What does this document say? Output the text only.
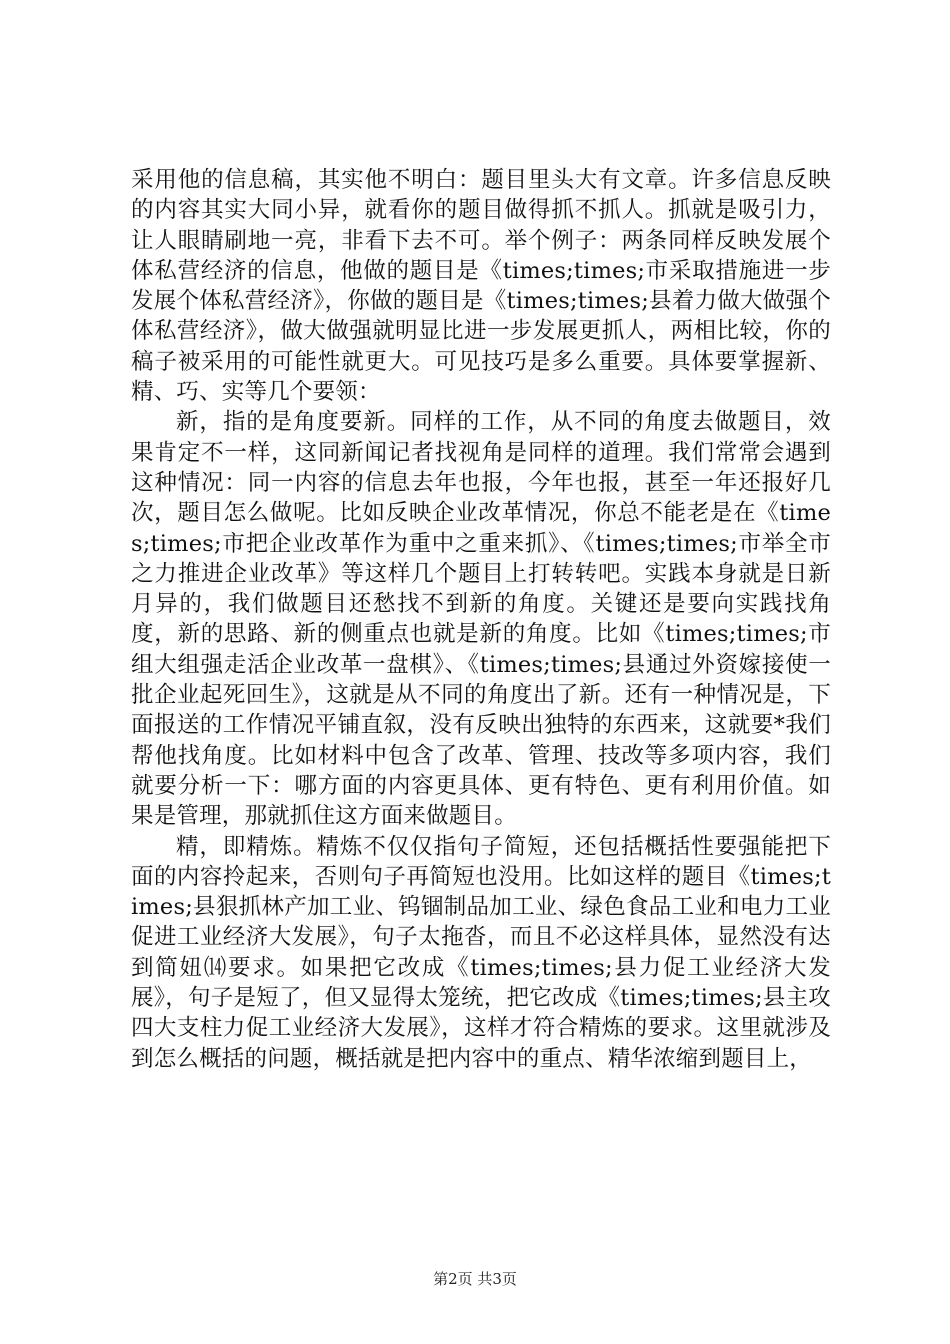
采用他的信息稿，其实他不明白：题目里头大有文章。许多信息反映的内容其实大同小异，就看你的题目做得抓不抓人。抓就是吸引力，让人眼睛刷地一亮，非看下去不可。举个例子：两条同样反映发展个体私营经济的信息，他做的题目是《times;times;市采取措施进一步发展个体私营经济》，你做的题目是《times;times;县着力做大做强个体私营经济》，做大做强就明显比进一步发展更抓人，两相比较，你的稿子被采用的可能性就更大。可见技巧是多么重要。具体要掌握新、精、巧、实等几个要领：

新，指的是角度要新。同样的工作，从不同的角度去做题目，效果肯定不一样，这同新闻记者找视角是同样的道理。我们常常会遇到这种情况：同一内容的信息去年也报，今年也报，甚至一年还报好几次，题目怎么做呢。比如反映企业改革情况，你总不能老是在《times;times;市把企业改革作为重中之重来抓》、《times;times;市举全市之力推进企业改革》等这样几个题目上打转转吧。实践本身就是日新月异的，我们做题目还愁找不到新的角度。关键还是要向实践找角度，新的思路、新的侧重点也就是新的角度。比如《times;times;市组大组强走活企业改革一盘棋》、《times;times;县通过外资嫁接使一批企业起死回生》，这就是从不同的角度出了新。还有一种情况是，下面报送的工作情况平铺直叙，没有反映出独特的东西来，这就要*我们帮他找角度。比如材料中包含了改革、管理、技改等多项内容，我们就要分析一下：哪方面的内容更具体、更有特色、更有利用价值。如果是管理，那就抓住这方面来做题目。

精，即精炼。精炼不仅仅指句子简短，还包括概括性要强能把下面的内容拎起来，否则句子再简短也没用。比如这样的题目《times;times;县狠抓林产加工业、钨锢制品加工业、绿色食品工业和电力工业促进工业经济大发展》，句子太拖沓，而且不必这样具体，显然没有达到简妞⒁要求。如果把它改成《times;times;县力促工业经济大发展》，句子是短了，但又显得太笼统，把它改成《times;times;县主攻四大支柱力促工业经济大发展》，这样才符合精炼的要求。这里就涉及到怎么概括的问题，概括就是把内容中的重点、精华浓缩到题目上，

第2页 共3页
